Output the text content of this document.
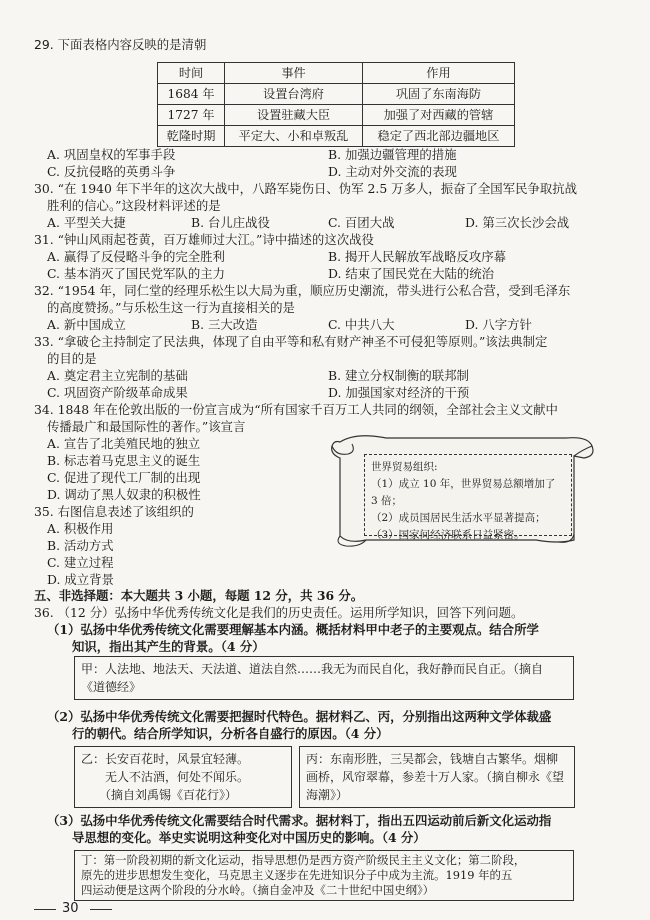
29. 下面表格内容反映的是清朝
时间	事件	作用
1684 年	设置台湾府	巩固了东南海防
1727 年	设置驻藏大臣	加强了对西藏的管辖
乾隆时期	平定大、小和卓叛乱	稳定了西北部边疆地区
A. 巩固皇权的军事手段	B. 加强边疆管理的措施
C. 反抗侵略的英勇斗争	D. 主动对外交流的表现
30. “在 1940 年下半年的这次大战中，八路军毙伤日、伪军 2.5 万多人，振奋了全国军民争取抗战
胜利的信心。”这段材料评述的是
A. 平型关大捷	B. 台儿庄战役	C. 百团大战	D. 第三次长沙会战
31. “钟山风雨起苍黄，百万雄师过大江。”诗中描述的这次战役
A. 赢得了反侵略斗争的完全胜利	B. 揭开人民解放军战略反攻序幕
C. 基本消灭了国民党军队的主力	D. 结束了国民党在大陆的统治
32. “1954 年，同仁堂的经理乐松生以大局为重，顺应历史潮流，带头进行公私合营，受到毛泽东
的高度赞扬。”与乐松生这一行为直接相关的是
A. 新中国成立	B. 三大改造	C. 中共八大	D. 八字方针
33. “拿破仑主持制定了民法典，体现了自由平等和私有财产神圣不可侵犯等原则。”该法典制定
的目的是
A. 奠定君主立宪制的基础	B. 建立分权制衡的联邦制
C. 巩固资产阶级革命成果	D. 加强国家对经济的干预
34. 1848 年在伦敦出版的一份宣言成为“所有国家千百万工人共同的纲领，全部社会主义文献中
传播最广和最国际性的著作。”该宣言
A. 宣告了北美殖民地的独立
B. 标志着马克思主义的诞生
C. 促进了现代工厂制的出现
D. 调动了黑人奴隶的积极性
35. 右图信息表述了该组织的
A. 积极作用
B. 活动方式
C. 建立过程
D. 成立背景
世界贸易组织:
（1）成立 10 年，世界贸易总额增加了 3 倍；
（2）成员国居民生活水平显著提高；
（3）国家间经济联系日益紧密。
五、非选择题：本大题共 3 小题，每题 12 分，共 36 分。
36. （12 分）弘扬中华优秀传统文化是我们的历史责任。运用所学知识，回答下列问题。
（1）弘扬中华优秀传统文化需要理解基本内涵。概括材料甲中老子的主要观点。结合所学
知识，指出其产生的背景。（4 分）
甲：人法地、地法天、天法道、道法自然……我无为而民自化，我好静而民自正。（摘自
《道德经》
（2）弘扬中华优秀传统文化需要把握时代特色。据材料乙、丙，分别指出这两种文学体裁盛
行的朝代。结合所学知识，分析各自盛行的原因。（4 分）
乙：长安百花时，风景宜轻薄。
　　无人不沽酒，何处不闻乐。
　　（摘自刘禹锡《百花行》）
丙：东南形胜，三吴都会，钱塘自古繁华。烟柳
画桥，风帘翠幕，参差十万人家。（摘自柳永《望
海潮》）
（3）弘扬中华优秀传统文化需要结合时代需求。据材料丁，指出五四运动前后新文化运动指
导思想的变化。举史实说明这种变化对中国历史的影响。（4 分）
30
丁：第一阶段初期的新文化运动，指导思想仍是西方资产阶级民主主义文化；第二阶段，
原先的进步思想发生变化，马克思主义逐步在先进知识分子中成为主流。1919 年的五
四运动便是这两个阶段的分水岭。（摘自金冲及《二十世纪中国史纲》）
